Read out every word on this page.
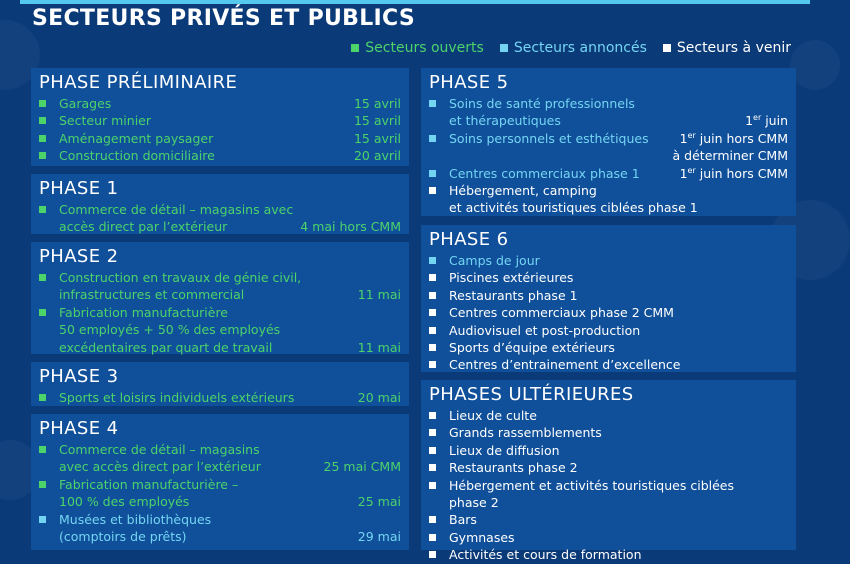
SECTEURS PRIVÉS ET PUBLICS
Secteurs ouverts Secteurs annoncés Secteurs à venir
PHASE PRÉLIMINAIRE
Garages	15 avril
Secteur minier	15 avril
Aménagement paysager	15 avril
Construction domiciliaire	20 avril
PHASE 1
Commerce de détail – magasins avec
accès direct par l’extérieur	4 mai hors CMM
PHASE 2
Construction en travaux de génie civil,
infrastructures et commercial	11 mai
Fabrication manufacturière
50 employés + 50 % des employés
excédentaires par quart de travail	11 mai
PHASE 3
Sports et loisirs individuels extérieurs	20 mai
PHASE 4
Commerce de détail – magasins
avec accès direct par l’extérieur	25 mai CMM
Fabrication manufacturière –
100 % des employés	25 mai
Musées et bibliothèques
(comptoirs de prêts)	29 mai
PHASE 5
Soins de santé professionnels
et thérapeutiques	1er juin
Soins personnels et esthétiques	1er juin hors CMM
à déterminer CMM
Centres commerciaux phase 1	1er juin hors CMM
Hébergement, camping
et activités touristiques ciblées phase 1
PHASE 6
Camps de jour
Piscines extérieures
Restaurants phase 1
Centres commerciaux phase 2 CMM
Audiovisuel et post-production
Sports d’équipe extérieurs
Centres d’entrainement d’excellence
PHASES ULTÉRIEURES
Lieux de culte
Grands rassemblements
Lieux de diffusion
Restaurants phase 2
Hébergement et activités touristiques ciblées
phase 2
Bars
Gymnases
Activités et cours de formation
